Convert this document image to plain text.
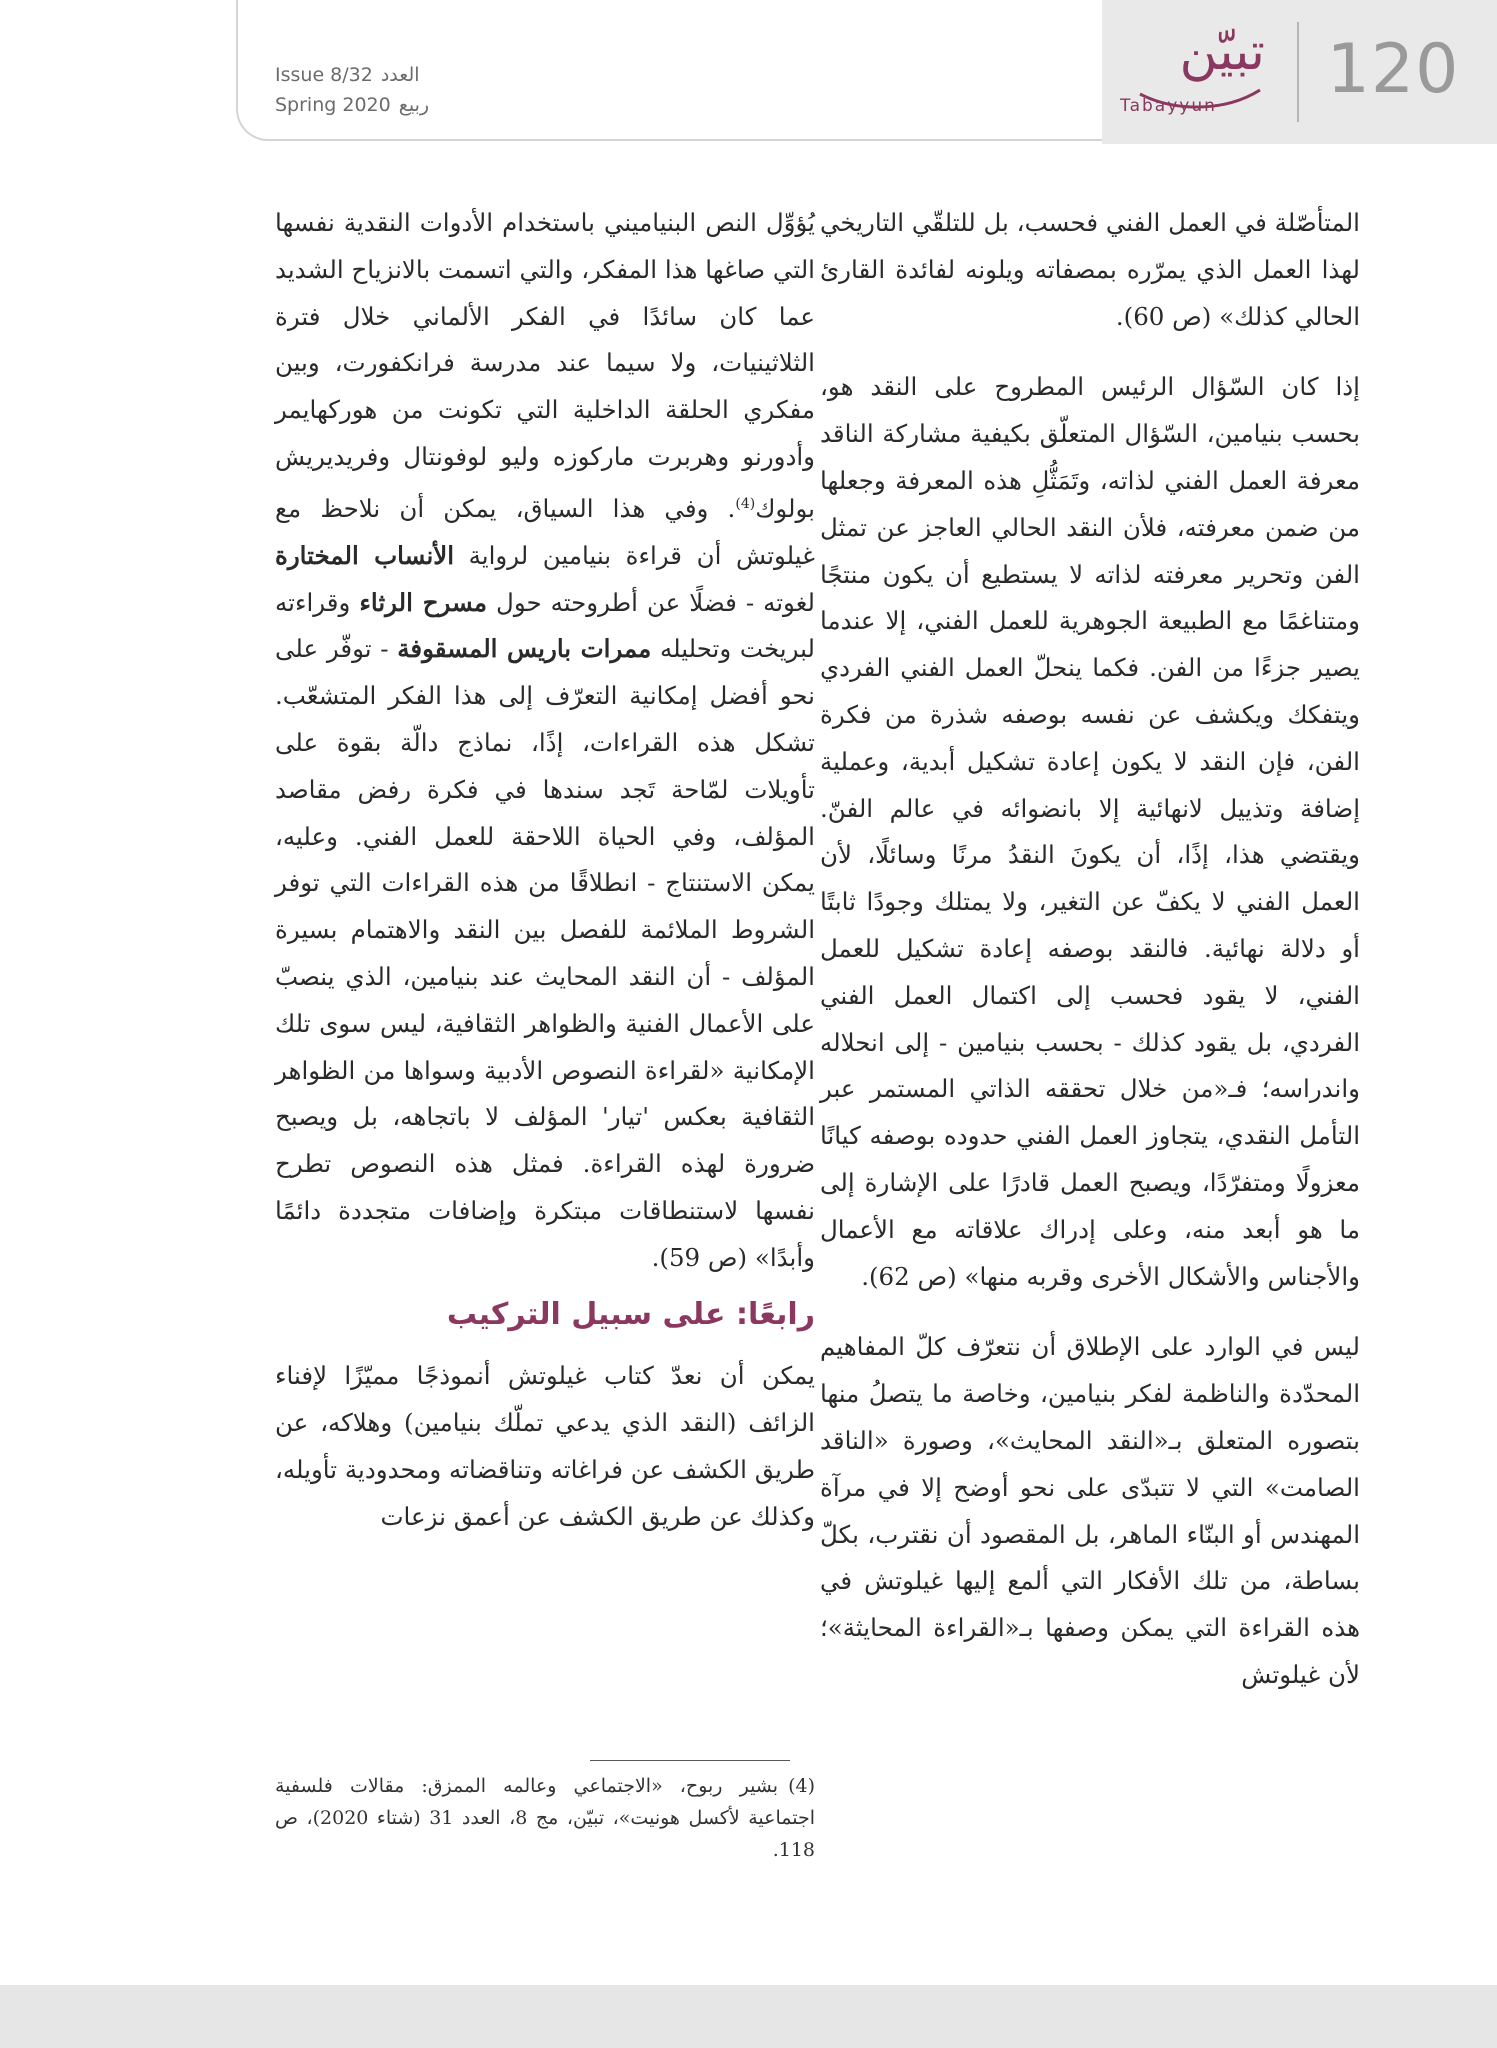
120
تبيّن
Tabayyun
Issue 8/32 العدد
Spring 2020 ربيع

المتأصّلة في العمل الفني فحسب، بل للتلقّي التاريخي لهذا العمل الذي يمرّره بمصفاته ويلونه لفائدة القارئ الحالي كذلك» (ص 60).

إذا كان السّؤال الرئيس المطروح على النقد هو، بحسب بنيامين، السّؤال المتعلّق بكيفية مشاركة الناقد معرفة العمل الفني لذاته، وتَمَثُّلِ هذه المعرفة وجعلها من ضمن معرفته، فلأن النقد الحالي العاجز عن تمثل الفن وتحرير معرفته لذاته لا يستطيع أن يكون منتجًا ومتناغمًا مع الطبيعة الجوهرية للعمل الفني، إلا عندما يصير جزءًا من الفن. فكما ينحلّ العمل الفني الفردي ويتفكك ويكشف عن نفسه بوصفه شذرة من فكرة الفن، فإن النقد لا يكون إعادة تشكيل أبدية، وعملية إضافة وتذييل لانهائية إلا بانضوائه في عالم الفنّ. ويقتضي هذا، إذًا، أن يكونَ النقدُ مرنًا وسائلًا، لأن العمل الفني لا يكفّ عن التغير، ولا يمتلك وجودًا ثابتًا أو دلالة نهائية. فالنقد بوصفه إعادة تشكيل للعمل الفني، لا يقود فحسب إلى اكتمال العمل الفني الفردي، بل يقود كذلك - بحسب بنيامين - إلى انحلاله واندراسه؛ فـ«من خلال تحققه الذاتي المستمر عبر التأمل النقدي، يتجاوز العمل الفني حدوده بوصفه كيانًا معزولًا ومتفرّدًا، ويصبح العمل قادرًا على الإشارة إلى ما هو أبعد منه، وعلى إدراك علاقاته مع الأعمال والأجناس والأشكال الأخرى وقربه منها» (ص 62).

ليس في الوارد على الإطلاق أن نتعرّف كلّ المفاهيم المحدّدة والناظمة لفكر بنيامين، وخاصة ما يتصلُ منها بتصوره المتعلق بـ«النقد المحايث»، وصورة «الناقد الصامت» التي لا تتبدّى على نحو أوضح إلا في مرآة المهندس أو البنّاء الماهر، بل المقصود أن نقترب، بكلّ بساطة، من تلك الأفكار التي ألمع إليها غيلوتش في هذه القراءة التي يمكن وصفها بـ«القراءة المحايثة»؛ لأن غيلوتش

يُؤوِّل النص البنياميني باستخدام الأدوات النقدية نفسها التي صاغها هذا المفكر، والتي اتسمت بالانزياح الشديد عما كان سائدًا في الفكر الألماني خلال فترة الثلاثينيات، ولا سيما عند مدرسة فرانكفورت، وبين مفكري الحلقة الداخلية التي تكونت من هوركهايمر وأدورنو وهربرت ماركوزه وليو لوفونتال وفريديريش بولوك$^{(4)}$. وفي هذا السياق، يمكن أن نلاحظ مع غيلوتش أن قراءة بنيامين لرواية الأنساب المختارة لغوته - فضلًا عن أطروحته حول مسرح الرثاء وقراءته لبريخت وتحليله ممرات باريس المسقوفة - توفّر على نحو أفضل إمكانية التعرّف إلى هذا الفكر المتشعّب. تشكل هذه القراءات، إذًا، نماذج دالّة بقوة على تأويلات لمّاحة تَجد سندها في فكرة رفض مقاصد المؤلف، وفي الحياة اللاحقة للعمل الفني. وعليه، يمكن الاستنتاج - انطلاقًا من هذه القراءات التي توفر الشروط الملائمة للفصل بين النقد والاهتمام بسيرة المؤلف - أن النقد المحايث عند بنيامين، الذي ينصبّ على الأعمال الفنية والظواهر الثقافية، ليس سوى تلك الإمكانية «لقراءة النصوص الأدبية وسواها من الظواهر الثقافية بعكس 'تيار' المؤلف لا باتجاهه، بل ويصبح ضرورة لهذه القراءة. فمثل هذه النصوص تطرح نفسها لاستنطاقات مبتكرة وإضافات متجددة دائمًا وأبدًا» (ص 59).

رابعًا: على سبيل التركيب

يمكن أن نعدّ كتاب غيلوتش أنموذجًا مميّزًا لإفناء الزائف (النقد الذي يدعي تملّك بنيامين) وهلاكه، عن طريق الكشف عن فراغاته وتناقضاته ومحدودية تأويله، وكذلك عن طريق الكشف عن أعمق نزعات

(4)بشير ربوح، «الاجتماعي وعالمه الممزق: مقالات فلسفية اجتماعية لأكسل هونيت»، تبيّن، مج 8، العدد 31 (شتاء 2020)، ص 118.
